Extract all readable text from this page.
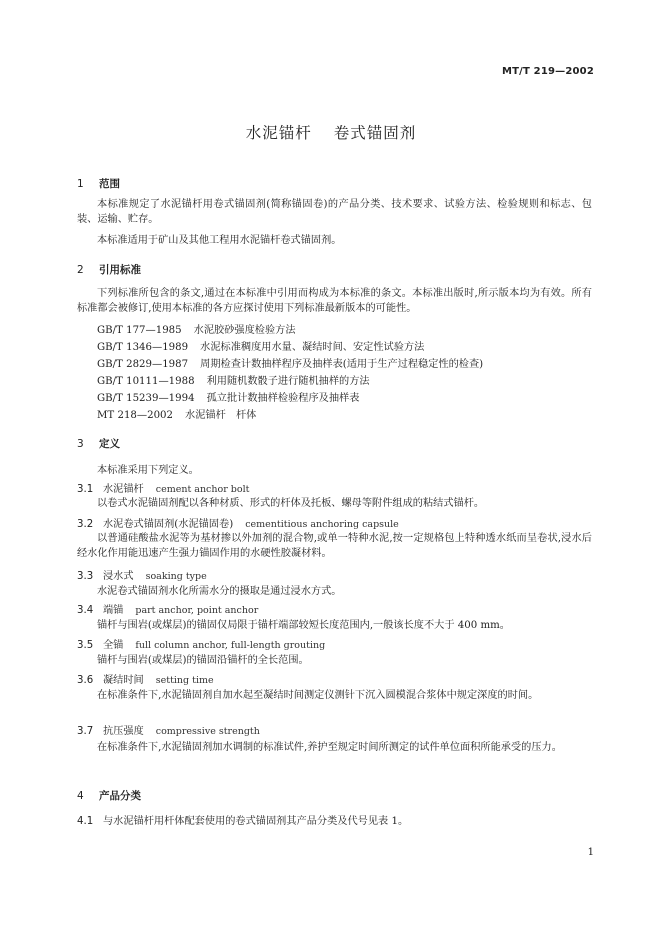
MT/T 219—2002
水泥锚杆 卷式锚固剂
1 范围
本标准规定了水泥锚杆用卷式锚固剂(简称锚固卷)的产品分类、技术要求、试验方法、检验规则和标志、包装、运输、贮存。
本标准适用于矿山及其他工程用水泥锚杆卷式锚固剂。
2 引用标准
下列标准所包含的条文,通过在本标准中引用而构成为本标准的条文。本标准出版时,所示版本均为有效。所有标准都会被修订,使用本标准的各方应探讨使用下列标准最新版本的可能性。
GB/T 177—1985 水泥胶砂强度检验方法
GB/T 1346—1989 水泥标准稠度用水量、凝结时间、安定性试验方法
GB/T 2829—1987 周期检查计数抽样程序及抽样表(适用于生产过程稳定性的检查)
GB/T 10111—1988 利用随机数骰子进行随机抽样的方法
GB/T 15239—1994 孤立批计数抽样检验程序及抽样表
MT 218—2002 水泥锚杆　杆体
3 定义
本标准采用下列定义。
3.1 水泥锚杆 cement anchor bolt
以卷式水泥锚固剂配以各种材质、形式的杆体及托板、螺母等附件组成的粘结式锚杆。
3.2 水泥卷式锚固剂(水泥锚固卷) cementitious anchoring capsule
以普通硅酸盐水泥等为基材掺以外加剂的混合物,或单一特种水泥,按一定规格包上特种透水纸而呈卷状,浸水后经水化作用能迅速产生强力锚固作用的水硬性胶凝材料。
3.3 浸水式 soaking type
水泥卷式锚固剂水化所需水分的摄取是通过浸水方式。
3.4 端锚 part anchor, point anchor
锚杆与围岩(或煤层)的锚固仅局限于锚杆端部较短长度范围内,一般该长度不大于 400 mm。
3.5 全锚 full column anchor, full-length grouting
锚杆与围岩(或煤层)的锚固沿锚杆的全长范围。
3.6 凝结时间 setting time
在标准条件下,水泥锚固剂自加水起至凝结时间测定仪测针下沉入圆模混合浆体中规定深度的时间。
3.7 抗压强度 compressive strength
在标准条件下,水泥锚固剂加水调制的标准试件,养护至规定时间所测定的试件单位面积所能承受的压力。
4 产品分类
4.1 与水泥锚杆用杆体配套使用的卷式锚固剂其产品分类及代号见表 1。
1
